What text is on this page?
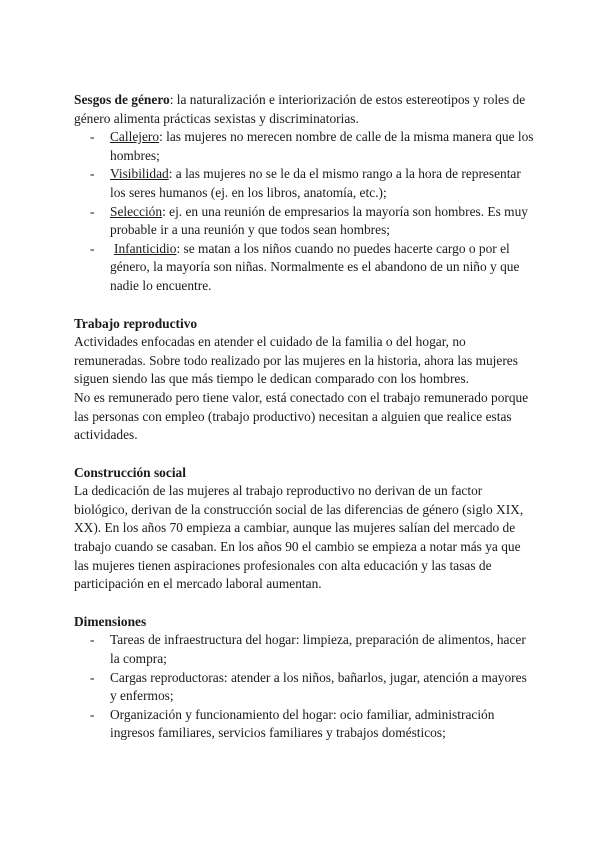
Sesgos de género: la naturalización e interiorización de estos estereotipos y roles de género alimenta prácticas sexistas y discriminatorias.

- Callejero: las mujeres no merecen nombre de calle de la misma manera que los hombres;
- Visibilidad: a las mujeres no se le da el mismo rango a la hora de representar los seres humanos (ej. en los libros, anatomía, etc.);
- Selección: ej. en una reunión de empresarios la mayoría son hombres. Es muy probable ir a una reunión y que todos sean hombres;
- Infanticidio: se matan a los niños cuando no puedes hacerte cargo o por el género, la mayoría son niñas. Normalmente es el abandono de un niño y que nadie lo encuentre.

Trabajo reproductivo

Actividades enfocadas en atender el cuidado de la familia o del hogar, no remuneradas. Sobre todo realizado por las mujeres en la historia, ahora las mujeres siguen siendo las que más tiempo le dedican comparado con los hombres.

No es remunerado pero tiene valor, está conectado con el trabajo remunerado porque las personas con empleo (trabajo productivo) necesitan a alguien que realice estas actividades.

Construcción social

La dedicación de las mujeres al trabajo reproductivo no derivan de un factor biológico, derivan de la construcción social de las diferencias de género (siglo XIX, XX). En los años 70 empieza a cambiar, aunque las mujeres salían del mercado de trabajo cuando se casaban. En los años 90 el cambio se empieza a notar más ya que las mujeres tienen aspiraciones profesionales con alta educación y las tasas de participación en el mercado laboral aumentan.

Dimensiones

- Tareas de infraestructura del hogar: limpieza, preparación de alimentos, hacer la compra;
- Cargas reproductoras: atender a los niños, bañarlos, jugar, atención a mayores y enfermos;
- Organización y funcionamiento del hogar: ocio familiar, administración ingresos familiares, servicios familiares y trabajos domésticos;
